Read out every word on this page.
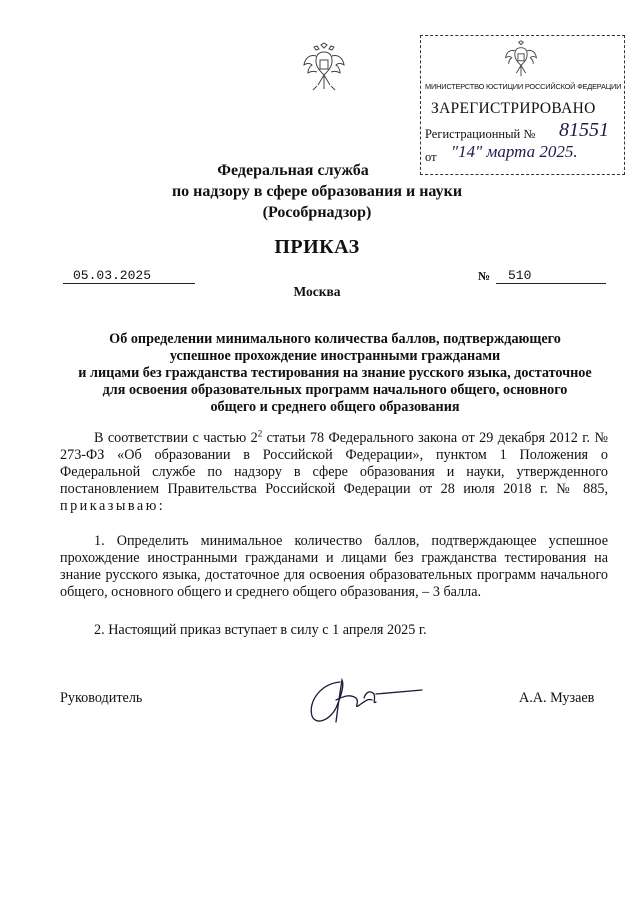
МИНИСТЕРСТВО ЮСТИЦИИ РОССИЙСКОЙ ФЕДЕРАЦИИ
ЗАРЕГИСТРИРОВАНО
Регистрационный № 81551
от "14" марта 2025.
Федеральная служба
по надзору в сфере образования и науки
(Рособрнадзор)
ПРИКАЗ
05.03.2025	№	510
Москва
Об определении минимального количества баллов, подтверждающего
успешное прохождение иностранными гражданами
и лицами без гражданства тестирования на знание русского языка, достаточное
для освоения образовательных программ начального общего, основного
общего и среднего общего образования
В соответствии с частью $2^2$ статьи 78 Федерального закона от 29 декабря 2012 г. № 273-ФЗ «Об образовании в Российской Федерации», пунктом 1 Положения о Федеральной службе по надзору в сфере образования и науки, утвержденного постановлением Правительства Российской Федерации от 28 июля 2018 г. № 885, приказываю:
1. Определить минимальное количество баллов, подтверждающее успешное прохождение иностранными гражданами и лицами без гражданства тестирования на знание русского языка, достаточное для освоения образовательных программ начального общего, основного общего и среднего общего образования, – 3 балла.
2. Настоящий приказ вступает в силу с 1 апреля 2025 г.
Руководитель	А.А. Музаев
